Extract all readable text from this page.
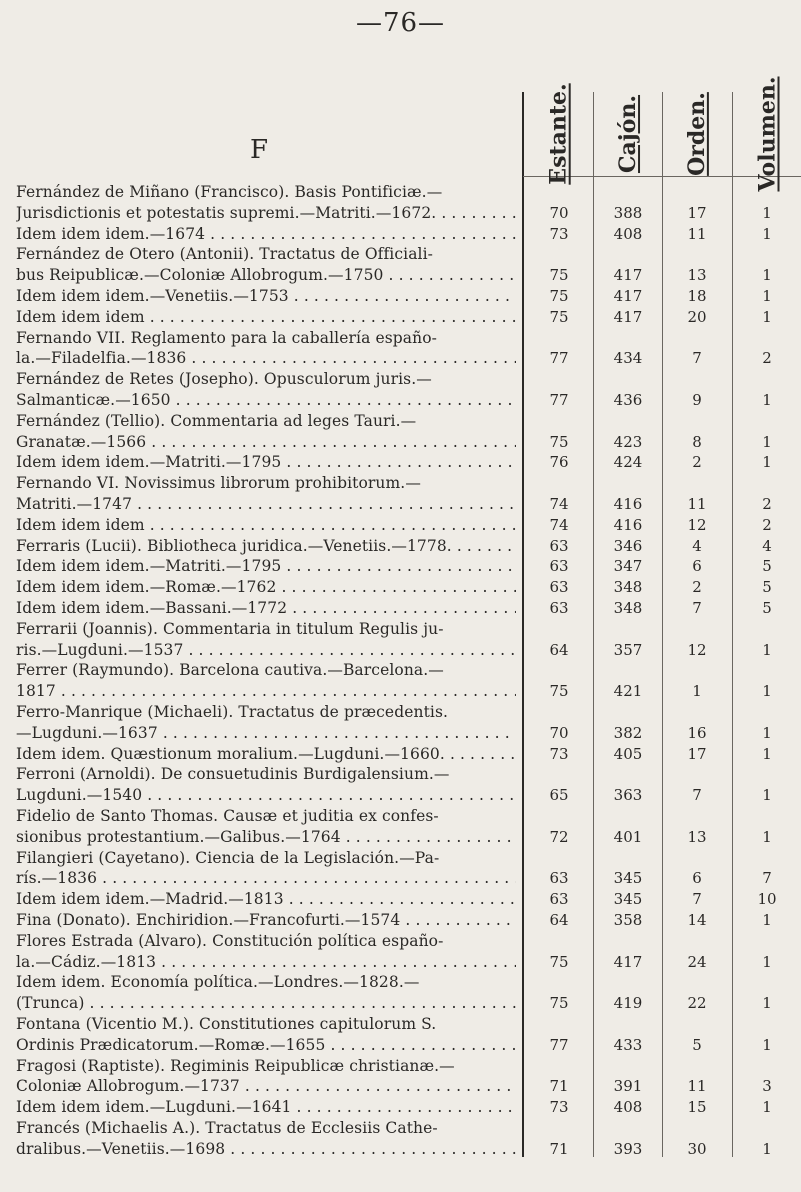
—76—
F	Estante. Cajón. Orden. Volumen.
Fernández de Miñano (Francisco). Basis Pontificiæ.—
Jurisdictionis et potestatis supremi.—Matriti.—1672. . . . .	70	388	17	1
Idem idem idem.—1674 . . .	73	408	11	1
Fernández de Otero (Antonii). Tractatus de Officiali-
bus Reipublicæ.—Coloniæ Allobrogum.—1750 . . .	75	417	13	1
Idem idem idem.—Venetiis.—1753 . . .	75	417	18	1
Idem idem idem . . .	75	417	20	1
Fernando VII. Reglamento para la caballería españo-
la.—Filadelfia.—1836 . . .	77	434	7	2
Fernández de Retes (Josepho). Opusculorum juris.—
Salmanticæ.—1650 . . .	77	436	9	1
Fernández (Tellio). Commentaria ad leges Tauri.—
Granatæ.—1566 . . .	75	423	8	1
Idem idem idem.—Matriti.—1795 . . .	76	424	2	1
Fernando VI. Novissimus librorum prohibitorum.—
Matriti.—1747 . . .	74	416	11	2
Idem idem idem . . .	74	416	12	2
Ferraris (Lucii). Bibliotheca juridica.—Venetiis.—1778. . . .	63	346	4	4
Idem idem idem.—Matriti.—1795 . . .	63	347	6	5
Idem idem idem.—Romæ.—1762 . . .	63	348	2	5
Idem idem idem.—Bassani.—1772 . . .	63	348	7	5
Ferrarii (Joannis). Commentaria in titulum Regulis ju-
ris.—Lugduni.—1537 . . .	64	357	12	1
Ferrer (Raymundo). Barcelona cautiva.—Barcelona.—
1817 . . .	75	421	1	1
Ferro-Manrique (Michaeli). Tractatus de præcedentis.
—Lugduni.—1637 . . .	70	382	16	1
Idem idem. Quæstionum moralium.—Lugduni.—1660. . . . .	73	405	17	1
Ferroni (Arnoldi). De consuetudinis Burdigalensium.—
Lugduni.—1540 . . .	65	363	7	1
Fidelio de Santo Thomas. Causæ et juditia ex confes-
sionibus protestantium.—Galibus.—1764 . . .	72	401	13	1
Filangieri (Cayetano). Ciencia de la Legislación.—Pa-
rís.—1836 . . .	63	345	6	7
Idem idem idem.—Madrid.—1813 . . .	63	345	7	10
Fina (Donato). Enchiridion.—Francofurti.—1574 . . .	64	358	14	1
Flores Estrada (Alvaro). Constitución política españo-
la.—Cádiz.—1813 . . .	75	417	24	1
Idem idem. Economía política.—Londres.—1828.—
(Trunca) . . .	75	419	22	1
Fontana (Vicentio M.). Constitutiones capitulorum S.
Ordinis Prædicatorum.—Romæ.—1655 . . .	77	433	5	1
Fragosi (Raptiste). Regiminis Reipublicæ christianæ.—
Coloniæ Allobrogum.—1737 . . .	71	391	11	3
Idem idem idem.—Lugduni.—1641 . . .	73	408	15	1
Francés (Michaelis A.). Tractatus de Ecclesiis Cathe-
dralibus.—Venetiis.—1698 . . .	71	393	30	1
